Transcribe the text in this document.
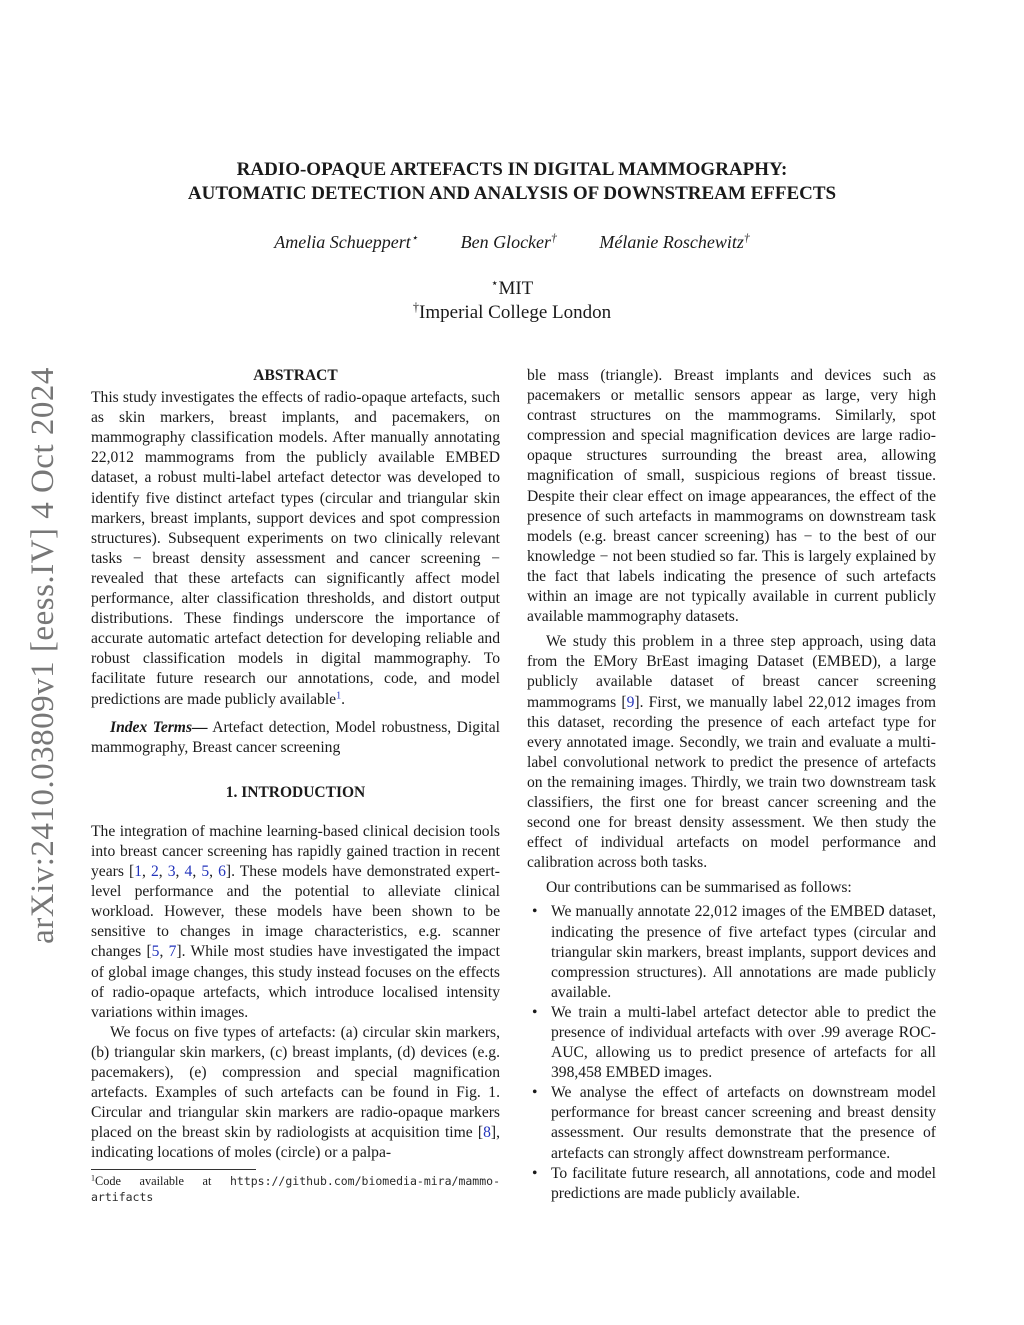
arXiv:2410.03809v1 [eess.IV] 4 Oct 2024
RADIO-OPAQUE ARTEFACTS IN DIGITAL MAMMOGRAPHY:
AUTOMATIC DETECTION AND ANALYSIS OF DOWNSTREAM EFFECTS
Amelia Schueppert⋆ Ben Glocker† Mélanie Roschewitz†
⋆MIT
†Imperial College London

ABSTRACT

This study investigates the effects of radio-opaque artefacts, such as skin markers, breast implants, and pacemakers, on mammography classification models. After manually annotating 22,012 mammograms from the publicly available EMBED dataset, a robust multi-label artefact detector was developed to identify five distinct artefact types (circular and triangular skin markers, breast implants, support devices and spot compression structures). Subsequent experiments on two clinically relevant tasks − breast density assessment and cancer screening − revealed that these artefacts can significantly affect model performance, alter classification thresholds, and distort output distributions. These findings underscore the importance of accurate automatic artefact detection for developing reliable and robust classification models in digital mammography. To facilitate future research our annotations, code, and model predictions are made publicly available$^1$.

Index Terms— Artefact detection, Model robustness, Digital mammography, Breast cancer screening

1. INTRODUCTION

The integration of machine learning-based clinical decision tools into breast cancer screening has rapidly gained traction in recent years [1, 2, 3, 4, 5, 6]. These models have demonstrated expert-level performance and the potential to alleviate clinical workload. However, these models have been shown to be sensitive to changes in image characteristics, e.g. scanner changes [5, 7]. While most studies have investigated the impact of global image changes, this study instead focuses on the effects of radio-opaque artefacts, which introduce localised intensity variations within images.

We focus on five types of artefacts: (a) circular skin markers, (b) triangular skin markers, (c) breast implants, (d) devices (e.g. pacemakers), (e) compression and special magnification artefacts. Examples of such artefacts can be found in Fig. 1. Circular and triangular skin markers are radio-opaque markers placed on the breast skin by radiologists at acquisition time [8], indicating locations of moles (circle) or a palpa-

$^1$Code available at https://github.com/biomedia-mira/mammo-artifacts

ble mass (triangle). Breast implants and devices such as pacemakers or metallic sensors appear as large, very high contrast structures on the mammograms. Similarly, spot compression and special magnification devices are large radio-opaque structures surrounding the breast area, allowing magnification of small, suspicious regions of breast tissue. Despite their clear effect on image appearances, the effect of the presence of such artefacts in mammograms on downstream task models (e.g. breast cancer screening) has − to the best of our knowledge − not been studied so far. This is largely explained by the fact that labels indicating the presence of such artefacts within an image are not typically available in current publicly available mammography datasets.

We study this problem in a three step approach, using data from the EMory BrEast imaging Dataset (EMBED), a large publicly available dataset of breast cancer screening mammograms [9]. First, we manually label 22,012 images from this dataset, recording the presence of each artefact type for every annotated image. Secondly, we train and evaluate a multi-label convolutional network to predict the presence of artefacts on the remaining images. Thirdly, we train two downstream task classifiers, the first one for breast cancer screening and the second one for breast density assessment. We then study the effect of individual artefacts on model performance and calibration across both tasks.

Our contributions can be summarised as follows:

• We manually annotate 22,012 images of the EMBED dataset, indicating the presence of five artefact types (circular and triangular skin markers, breast implants, support devices and compression structures). All annotations are made publicly available.
• We train a multi-label artefact detector able to predict the presence of individual artefacts with over .99 average ROC-AUC, allowing us to predict presence of artefacts for all 398,458 EMBED images.
• We analyse the effect of artefacts on downstream model performance for breast cancer screening and breast density assessment. Our results demonstrate that the presence of artefacts can strongly affect downstream performance.
• To facilitate future research, all annotations, code and model predictions are made publicly available.
